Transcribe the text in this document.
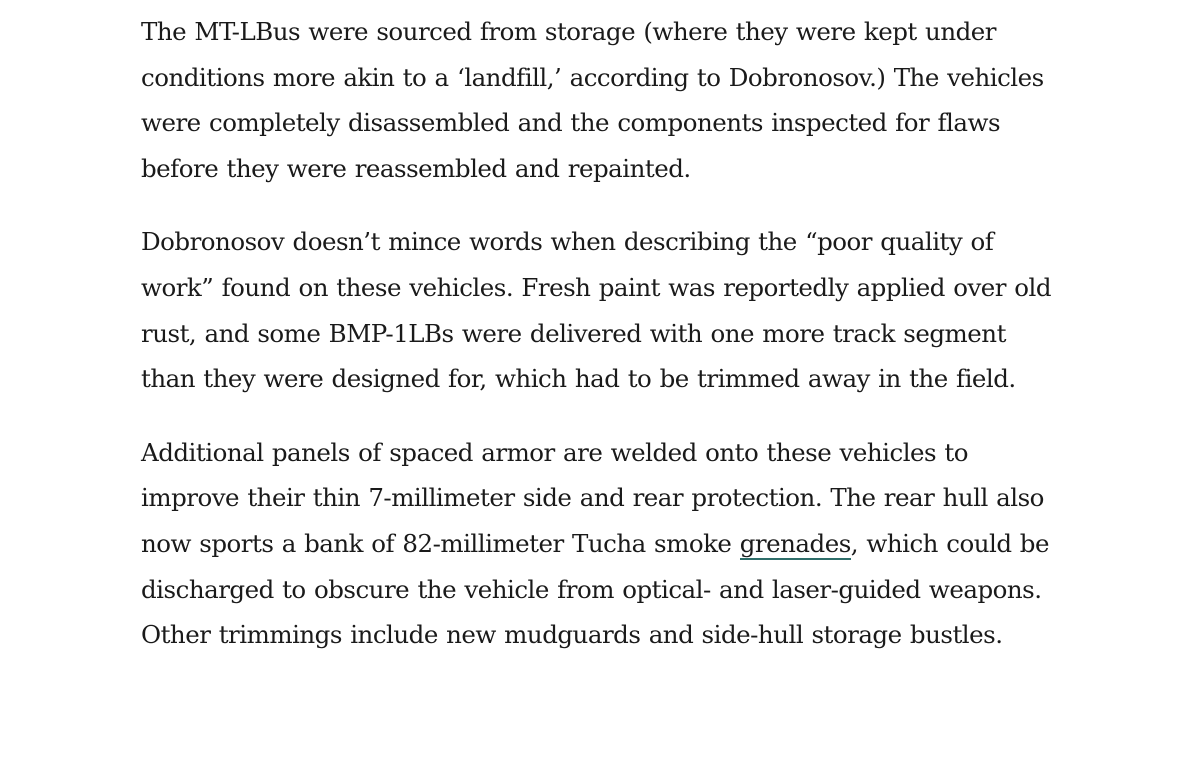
The MT-LBus were sourced from storage (where they were kept under conditions more akin to a ‘landfill,’ according to Dobronosov.) The vehicles were completely disassembled and the components inspected for flaws before they were reassembled and repainted.

Dobronosov doesn’t mince words when describing the “poor quality of work” found on these vehicles. Fresh paint was reportedly applied over old rust, and some BMP-1LBs were delivered with one more track segment than they were designed for, which had to be trimmed away in the field.

Additional panels of spaced armor are welded onto these vehicles to improve their thin 7-millimeter side and rear protection. The rear hull also now sports a bank of 82-millimeter Tucha smoke grenades, which could be discharged to obscure the vehicle from optical- and laser-guided weapons. Other trimmings include new mudguards and side-hull storage bustles.
